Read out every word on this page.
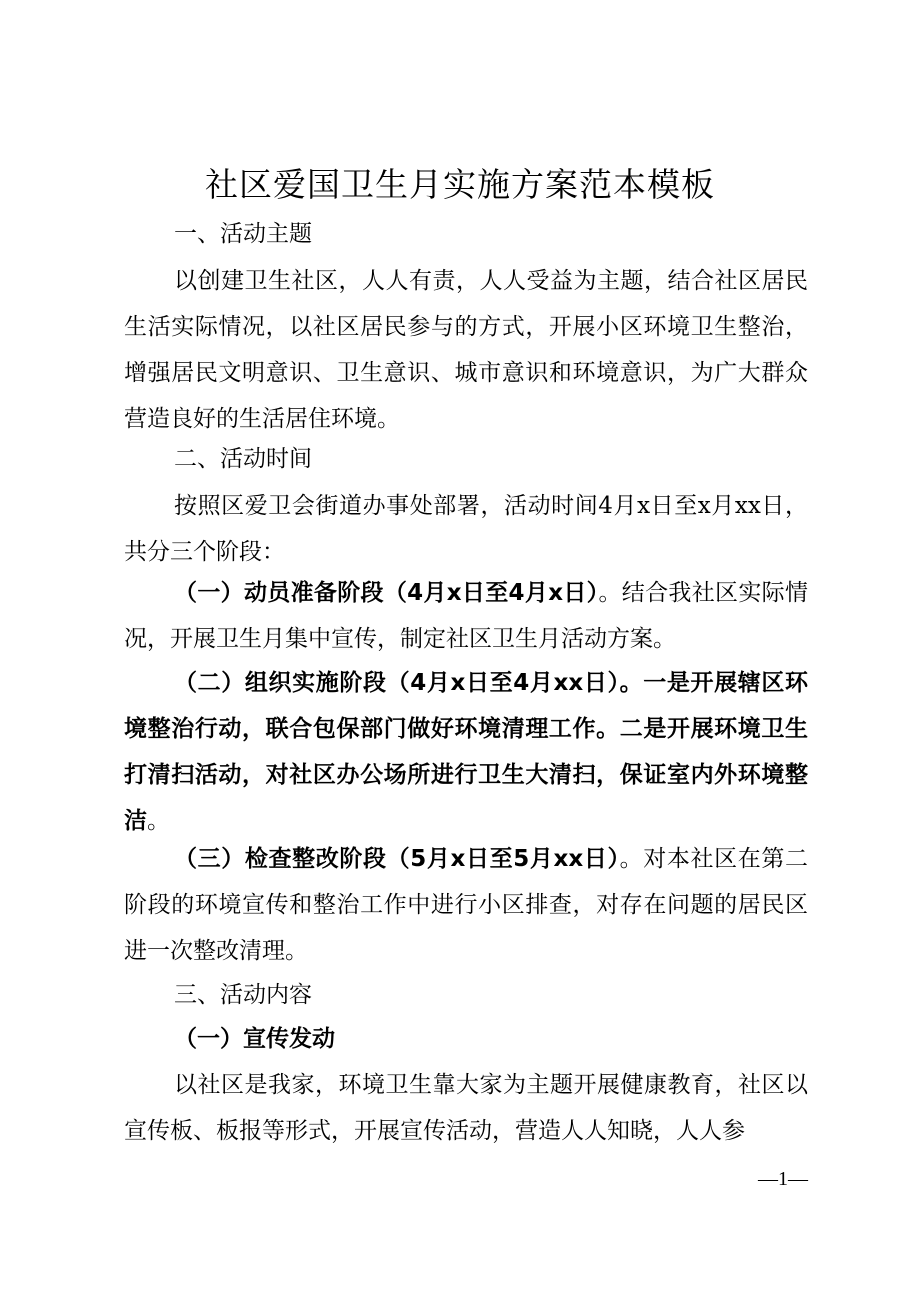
社区爱国卫生月实施方案范本模板
一、活动主题
以创建卫生社区，人人有责，人人受益为主题，结合社区居民生活实际情况，以社区居民参与的方式，开展小区环境卫生整治，增强居民文明意识、卫生意识、城市意识和环境意识，为广大群众营造良好的生活居住环境。
二、活动时间
按照区爱卫会街道办事处部署，活动时间4月x日至x月xx日，共分三个阶段：
（一）动员准备阶段（4月x日至4月x日）。结合我社区实际情况，开展卫生月集中宣传，制定社区卫生月活动方案。
（二）组织实施阶段（4月x日至4月xx日）。一是开展辖区环境整治行动，联合包保部门做好环境清理工作。二是开展环境卫生打清扫活动，对社区办公场所进行卫生大清扫，保证室内外环境整洁。
（三）检查整改阶段（5月x日至5月xx日）。对本社区在第二阶段的环境宣传和整治工作中进行小区排查，对存在问题的居民区进一次整改清理。
三、活动内容
（一）宣传发动
以社区是我家，环境卫生靠大家为主题开展健康教育，社区以宣传板、板报等形式，开展宣传活动，营造人人知晓，人人参
—1—
